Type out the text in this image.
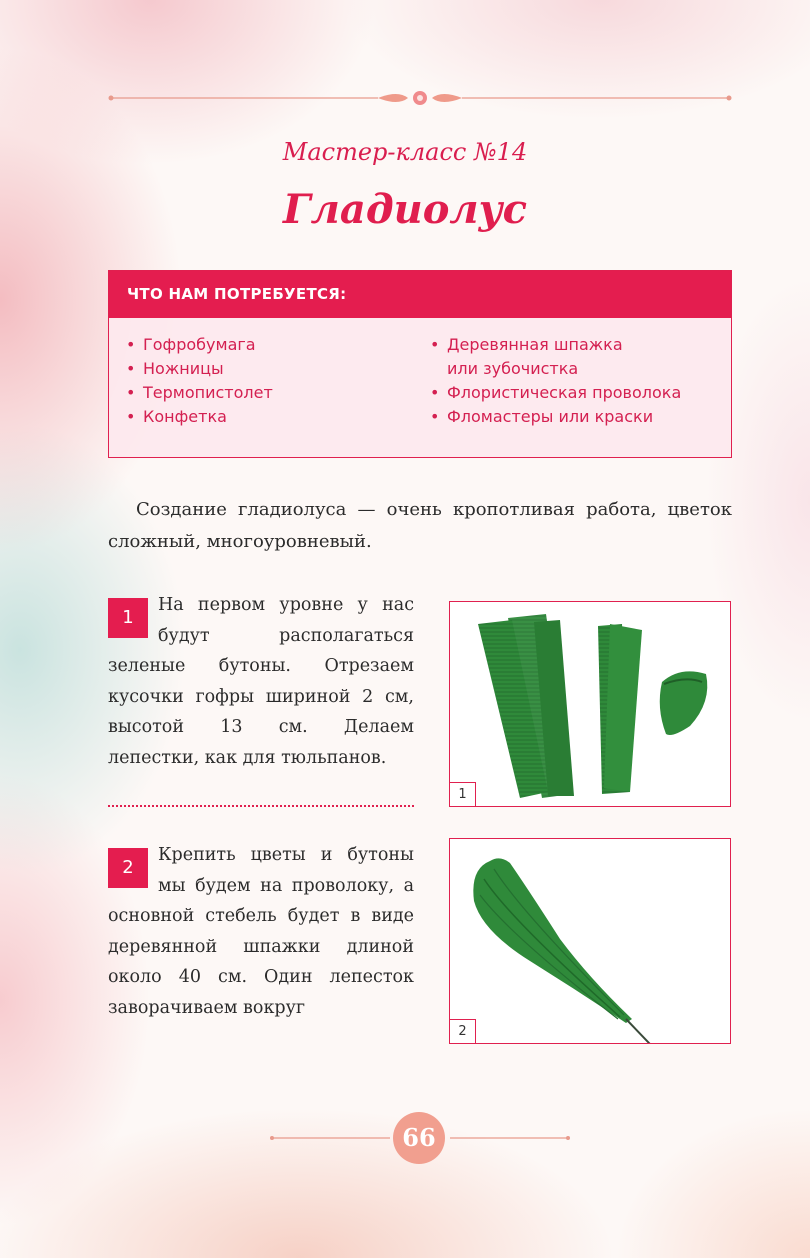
Мастер-класс №14
Гладиолус
ЧТО НАМ ПОТРЕБУЕТСЯ:
• Гофробумага
• Ножницы
• Термопистолет
• Конфетка
• Деревянная шпажка
или зубочистка
• Флористическая проволока
• Фломастеры или краски

Создание гладиолуса — очень кропотливая работа, цветок сложный, многоуровневый.

1
На первом уровне у нас будут располагаться зеленые бутоны. Отрезаем кусочки гофры шириной 2 см, высотой 13 см. Делаем лепестки, как для тюльпанов.
1
2
Крепить цветы и бутоны мы будем на проволоку, а основной стебель будет в виде деревянной шпажки длиной около 40 см. Один лепесток заворачиваем вокруг
2
66
